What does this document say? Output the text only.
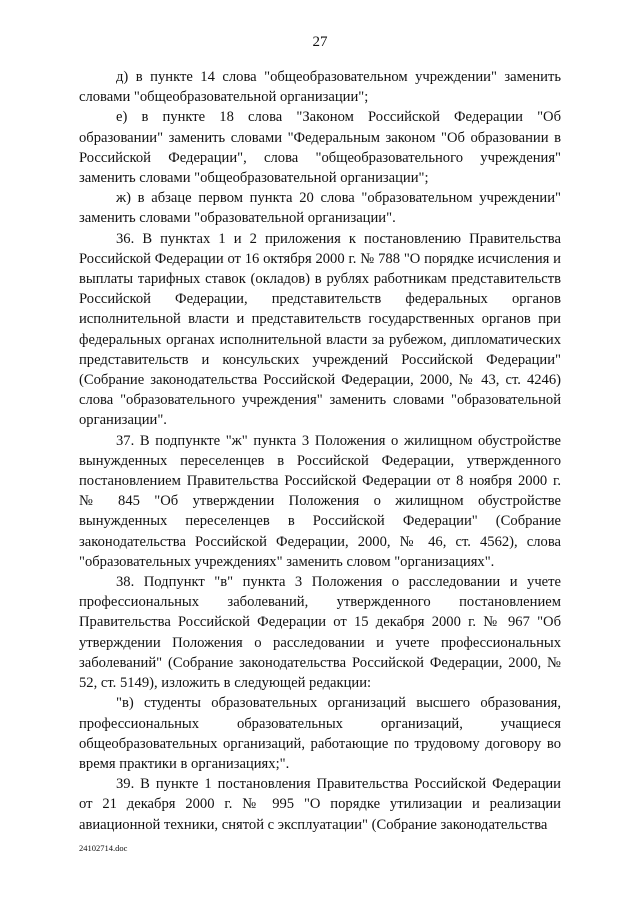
27

д) в пункте 14 слова "общеобразовательном учреждении" заменить словами "общеобразовательной организации";

е) в пункте 18 слова "Законом Российской Федерации "Об образовании" заменить словами "Федеральным законом "Об образовании в Российской Федерации", слова "общеобразовательного учреждения" заменить словами "общеобразовательной организации";

ж) в абзаце первом пункта 20 слова "образовательном учреждении" заменить словами "образовательной организации".

36. В пунктах 1 и 2 приложения к постановлению Правительства Российской Федерации от 16 октября 2000 г. № 788 "О порядке исчисления и выплаты тарифных ставок (окладов) в рублях работникам представительств Российской Федерации, представительств федеральных органов исполнительной власти и представительств государственных органов при федеральных органах исполнительной власти за рубежом, дипломатических представительств и консульских учреждений Российской Федерации" (Собрание законодательства Российской Федерации, 2000, № 43, ст. 4246) слова "образовательного учреждения" заменить словами "образовательной организации".

37. В подпункте "ж" пункта 3 Положения о жилищном обустройстве вынужденных переселенцев в Российской Федерации, утвержденного постановлением Правительства Российской Федерации от 8 ноября 2000 г. № 845 "Об утверждении Положения о жилищном обустройстве вынужденных переселенцев в Российской Федерации" (Собрание законодательства Российской Федерации, 2000, № 46, ст. 4562), слова "образовательных учреждениях" заменить словом "организациях".

38. Подпункт "в" пункта 3 Положения о расследовании и учете профессиональных заболеваний, утвержденного постановлением Правительства Российской Федерации от 15 декабря 2000 г. № 967 "Об утверждении Положения о расследовании и учете профессиональных заболеваний" (Собрание законодательства Российской Федерации, 2000, № 52, ст. 5149), изложить в следующей редакции:

"в) студенты образовательных организаций высшего образования, профессиональных образовательных организаций, учащиеся общеобразовательных организаций, работающие по трудовому договору во время практики в организациях;".

39. В пункте 1 постановления Правительства Российской Федерации от 21 декабря 2000 г. № 995 "О порядке утилизации и реализации авиационной техники, снятой с эксплуатации" (Собрание законодательства

24102714.doc
